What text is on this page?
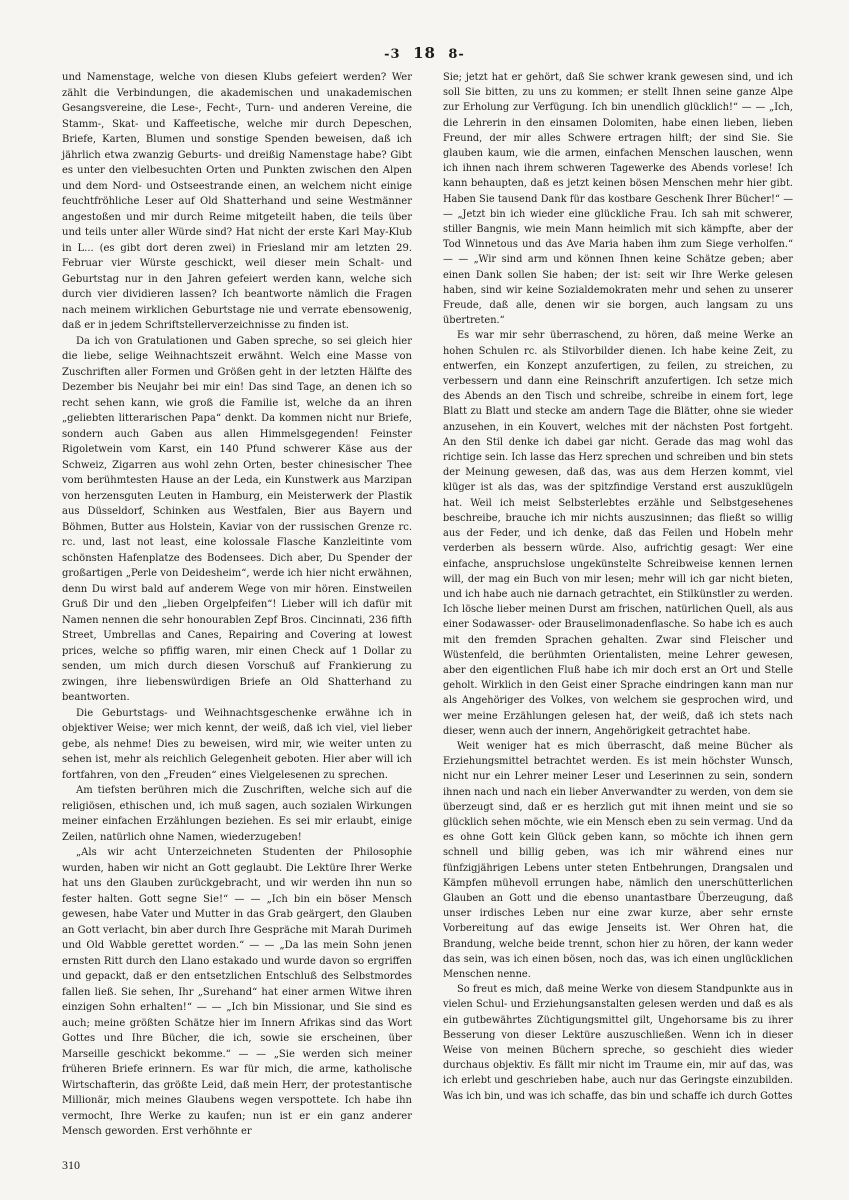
-3 18 8-

und Namenstage, welche von diesen Klubs gefeiert werden? Wer zählt die Verbindungen, die akademischen und unakademischen Gesangsvereine, die Lese-, Fecht-, Turn- und anderen Vereine, die Stamm-, Skat- und Kaffeetische, welche mir durch Depeschen, Briefe, Karten, Blumen und sonstige Spenden beweisen, daß ich jährlich etwa zwanzig Geburts- und dreißig Namenstage habe? Gibt es unter den vielbesuchten Orten und Punkten zwischen den Alpen und dem Nord- und Ostseestrande einen, an welchem nicht einige feuchtfröhliche Leser auf Old Shatterhand und seine Westmänner angestoßen und mir durch Reime mitgeteilt haben, die teils über und teils unter aller Würde sind? Hat nicht der erste Karl May-Klub in L... (es gibt dort deren zwei) in Friesland mir am letzten 29. Februar vier Würste geschickt, weil dieser mein Schalt- und Geburtstag nur in den Jahren gefeiert werden kann, welche sich durch vier dividieren lassen? Ich beantworte nämlich die Fragen nach meinem wirklichen Geburtstage nie und verrate ebensowenig, daß er in jedem Schriftstellerverzeichnisse zu finden ist.

Da ich von Gratulationen und Gaben spreche, so sei gleich hier die liebe, selige Weihnachtszeit erwähnt. Welch eine Masse von Zuschriften aller Formen und Größen geht in der letzten Hälfte des Dezember bis Neujahr bei mir ein! Das sind Tage, an denen ich so recht sehen kann, wie groß die Familie ist, welche da an ihren „geliebten litterarischen Papa“ denkt. Da kommen nicht nur Briefe, sondern auch Gaben aus allen Himmelsgegenden! Feinster Rigoletwein vom Karst, ein 140 Pfund schwerer Käse aus der Schweiz, Zigarren aus wohl zehn Orten, bester chinesischer Thee vom berühmtesten Hause an der Leda, ein Kunstwerk aus Marzipan von herzensguten Leuten in Hamburg, ein Meisterwerk der Plastik aus Düsseldorf, Schinken aus Westfalen, Bier aus Bayern und Böhmen, Butter aus Holstein, Kaviar von der russischen Grenze rc. rc. und, last not least, eine kolossale Flasche Kanzleitinte vom schönsten Hafenplatze des Bodensees. Dich aber, Du Spender der großartigen „Perle von Deidesheim“, werde ich hier nicht erwähnen, denn Du wirst bald auf anderem Wege von mir hören. Einstweilen Gruß Dir und den „lieben Orgelpfeifen“! Lieber will ich dafür mit Namen nennen die sehr honourablen Zepf Bros. Cincinnati, 236 fifth Street, Umbrellas and Canes, Repairing and Covering at lowest prices, welche so pfiffig waren, mir einen Check auf 1 Dollar zu senden, um mich durch diesen Vorschuß auf Frankierung zu zwingen, ihre liebenswürdigen Briefe an Old Shatterhand zu beantworten.

Die Geburtstags- und Weihnachtsgeschenke erwähne ich in objektiver Weise; wer mich kennt, der weiß, daß ich viel, viel lieber gebe, als nehme! Dies zu beweisen, wird mir, wie weiter unten zu sehen ist, mehr als reichlich Gelegenheit geboten. Hier aber will ich fortfahren, von den „Freuden“ eines Vielgelesenen zu sprechen.

Am tiefsten berühren mich die Zuschriften, welche sich auf die religiösen, ethischen und, ich muß sagen, auch sozialen Wirkungen meiner einfachen Erzählungen beziehen. Es sei mir erlaubt, einige Zeilen, natürlich ohne Namen, wiederzugeben!

„Als wir acht Unterzeichneten Studenten der Philosophie wurden, haben wir nicht an Gott geglaubt. Die Lektüre Ihrer Werke hat uns den Glauben zurückgebracht, und wir werden ihn nun so fester halten. Gott segne Sie!“ — — „Ich bin ein böser Mensch gewesen, habe Vater und Mutter in das Grab geärgert, den Glauben an Gott verlacht, bin aber durch Ihre Gespräche mit Marah Durimeh und Old Wabble gerettet worden.“ — — „Da las mein Sohn jenen ernsten Ritt durch den Llano estakado und wurde davon so ergriffen und gepackt, daß er den entsetzlichen Entschluß des Selbstmordes fallen ließ. Sie sehen, Ihr „Surehand“ hat einer armen Witwe ihren einzigen Sohn erhalten!“ — — „Ich bin Missionar, und Sie sind es auch; meine größten Schätze hier im Innern Afrikas sind das Wort Gottes und Ihre Bücher, die ich, sowie sie erscheinen, über Marseille geschickt bekomme.“ — — „Sie werden sich meiner früheren Briefe erinnern. Es war für mich, die arme, katholische Wirtschafterin, das größte Leid, daß mein Herr, der protestantische Millionär, mich meines Glaubens wegen verspottete. Ich habe ihn vermocht, Ihre Werke zu kaufen; nun ist er ein ganz anderer Mensch geworden. Erst verhöhnte er

Sie; jetzt hat er gehört, daß Sie schwer krank gewesen sind, und ich soll Sie bitten, zu uns zu kommen; er stellt Ihnen seine ganze Alpe zur Erholung zur Verfügung. Ich bin unendlich glücklich!“ — — „Ich, die Lehrerin in den einsamen Dolomiten, habe einen lieben, lieben Freund, der mir alles Schwere ertragen hilft; der sind Sie. Sie glauben kaum, wie die armen, einfachen Menschen lauschen, wenn ich ihnen nach ihrem schweren Tagewerke des Abends vorlese! Ich kann behaupten, daß es jetzt keinen bösen Menschen mehr hier gibt. Haben Sie tausend Dank für das kostbare Geschenk Ihrer Bücher!“ — — „Jetzt bin ich wieder eine glückliche Frau. Ich sah mit schwerer, stiller Bangnis, wie mein Mann heimlich mit sich kämpfte, aber der Tod Winnetous und das Ave Maria haben ihm zum Siege verholfen.“ — — „Wir sind arm und können Ihnen keine Schätze geben; aber einen Dank sollen Sie haben; der ist: seit wir Ihre Werke gelesen haben, sind wir keine Sozialdemokraten mehr und sehen zu unserer Freude, daß alle, denen wir sie borgen, auch langsam zu uns übertreten.“

Es war mir sehr überraschend, zu hören, daß meine Werke an hohen Schulen rc. als Stilvorbilder dienen. Ich habe keine Zeit, zu entwerfen, ein Konzept anzufertigen, zu feilen, zu streichen, zu verbessern und dann eine Reinschrift anzufertigen. Ich setze mich des Abends an den Tisch und schreibe, schreibe in einem fort, lege Blatt zu Blatt und stecke am andern Tage die Blätter, ohne sie wieder anzusehen, in ein Kouvert, welches mit der nächsten Post fortgeht. An den Stil denke ich dabei gar nicht. Gerade das mag wohl das richtige sein. Ich lasse das Herz sprechen und schreiben und bin stets der Meinung gewesen, daß das, was aus dem Herzen kommt, viel klüger ist als das, was der spitzfindige Verstand erst auszuklügeln hat. Weil ich meist Selbsterlebtes erzähle und Selbstgesehenes beschreibe, brauche ich mir nichts auszusinnen; das fließt so willig aus der Feder, und ich denke, daß das Feilen und Hobeln mehr verderben als bessern würde. Also, aufrichtig gesagt: Wer eine einfache, anspruchslose ungekünstelte Schreibweise kennen lernen will, der mag ein Buch von mir lesen; mehr will ich gar nicht bieten, und ich habe auch nie darnach getrachtet, ein Stilkünstler zu werden. Ich lösche lieber meinen Durst am frischen, natürlichen Quell, als aus einer Sodawasser- oder Brauselimonadenflasche. So habe ich es auch mit den fremden Sprachen gehalten. Zwar sind Fleischer und Wüstenfeld, die berühmten Orientalisten, meine Lehrer gewesen, aber den eigentlichen Fluß habe ich mir doch erst an Ort und Stelle geholt. Wirklich in den Geist einer Sprache eindringen kann man nur als Angehöriger des Volkes, von welchem sie gesprochen wird, und wer meine Erzählungen gelesen hat, der weiß, daß ich stets nach dieser, wenn auch der innern, Angehörigkeit getrachtet habe.

Weit weniger hat es mich überrascht, daß meine Bücher als Erziehungsmittel betrachtet werden. Es ist mein höchster Wunsch, nicht nur ein Lehrer meiner Leser und Leserinnen zu sein, sondern ihnen nach und nach ein lieber Anverwandter zu werden, von dem sie überzeugt sind, daß er es herzlich gut mit ihnen meint und sie so glücklich sehen möchte, wie ein Mensch eben zu sein vermag. Und da es ohne Gott kein Glück geben kann, so möchte ich ihnen gern schnell und billig geben, was ich mir während eines nur fünfzigjährigen Lebens unter steten Entbehrungen, Drangsalen und Kämpfen mühevoll errungen habe, nämlich den unerschütterlichen Glauben an Gott und die ebenso unantastbare Überzeugung, daß unser irdisches Leben nur eine zwar kurze, aber sehr ernste Vorbereitung auf das ewige Jenseits ist. Wer Ohren hat, die Brandung, welche beide trennt, schon hier zu hören, der kann weder das sein, was ich einen bösen, noch das, was ich einen unglücklichen Menschen nenne.

So freut es mich, daß meine Werke von diesem Standpunkte aus in vielen Schul- und Erziehungsanstalten gelesen werden und daß es als ein gutbewährtes Züchtigungsmittel gilt, Ungehorsame bis zu ihrer Besserung von dieser Lektüre auszuschließen. Wenn ich in dieser Weise von meinen Büchern spreche, so geschieht dies wieder durchaus objektiv. Es fällt mir nicht im Traume ein, mir auf das, was ich erlebt und geschrieben habe, auch nur das Geringste einzubilden. Was ich bin, und was ich schaffe, das bin und schaffe ich durch Gottes

310
